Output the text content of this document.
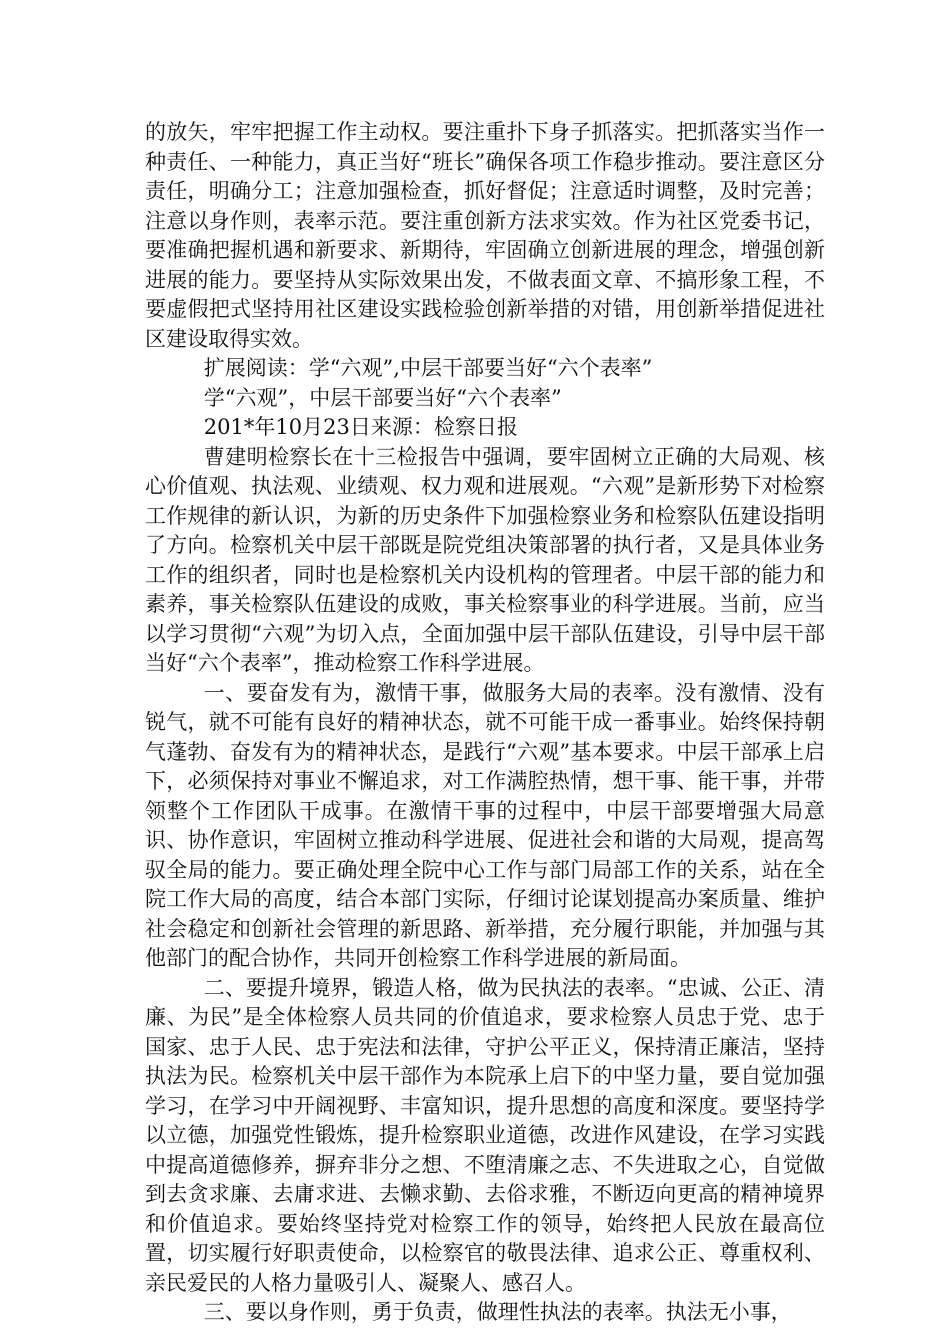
的放矢，牢牢把握工作主动权。要注重扑下身子抓落实。把抓落实当作一种责任、一种能力，真正当好“班长”确保各项工作稳步推动。要注意区分责任，明确分工；注意加强检查，抓好督促；注意适时调整，及时完善；注意以身作则，表率示范。要注重创新方法求实效。作为社区党委书记，要准确把握机遇和新要求、新期待，牢固确立创新进展的理念，增强创新进展的能力。要坚持从实际效果出发，不做表面文章、不搞形象工程，不要虚假把式坚持用社区建设实践检验创新举措的对错，用创新举措促进社区建设取得实效。

扩展阅读：学“六观”,中层干部要当好“六个表率”

学“六观”，中层干部要当好“六个表率”

201*年10月23日来源：检察日报

曹建明检察长在十三检报告中强调，要牢固树立正确的大局观、核心价值观、执法观、业绩观、权力观和进展观。“六观”是新形势下对检察工作规律的新认识，为新的历史条件下加强检察业务和检察队伍建设指明了方向。检察机关中层干部既是院党组决策部署的执行者，又是具体业务工作的组织者，同时也是检察机关内设机构的管理者。中层干部的能力和素养，事关检察队伍建设的成败，事关检察事业的科学进展。当前，应当以学习贯彻“六观”为切入点，全面加强中层干部队伍建设，引导中层干部当好“六个表率”，推动检察工作科学进展。

一、要奋发有为，激情干事，做服务大局的表率。没有激情、没有锐气，就不可能有良好的精神状态，就不可能干成一番事业。始终保持朝气蓬勃、奋发有为的精神状态，是践行“六观”基本要求。中层干部承上启下，必须保持对事业不懈追求，对工作满腔热情，想干事、能干事，并带领整个工作团队干成事。在激情干事的过程中，中层干部要增强大局意识、协作意识，牢固树立推动科学进展、促进社会和谐的大局观，提高驾驭全局的能力。要正确处理全院中心工作与部门局部工作的关系，站在全院工作大局的高度，结合本部门实际，仔细讨论谋划提高办案质量、维护社会稳定和创新社会管理的新思路、新举措，充分履行职能，并加强与其他部门的配合协作，共同开创检察工作科学进展的新局面。

二、要提升境界，锻造人格，做为民执法的表率。“忠诚、公正、清廉、为民”是全体检察人员共同的价值追求，要求检察人员忠于党、忠于国家、忠于人民、忠于宪法和法律，守护公平正义，保持清正廉洁，坚持执法为民。检察机关中层干部作为本院承上启下的中坚力量，要自觉加强学习，在学习中开阔视野、丰富知识，提升思想的高度和深度。要坚持学以立德，加强党性锻炼，提升检察职业道德，改进作风建设，在学习实践中提高道德修养，摒弃非分之想、不堕清廉之志、不失进取之心，自觉做到去贪求廉、去庸求进、去懒求勤、去俗求雅，不断迈向更高的精神境界和价值追求。要始终坚持党对检察工作的领导，始终把人民放在最高位置，切实履行好职责使命，以检察官的敬畏法律、追求公正、尊重权利、亲民爱民的人格力量吸引人、凝聚人、感召人。

三、要以身作则，勇于负责，做理性执法的表率。执法无小事，
